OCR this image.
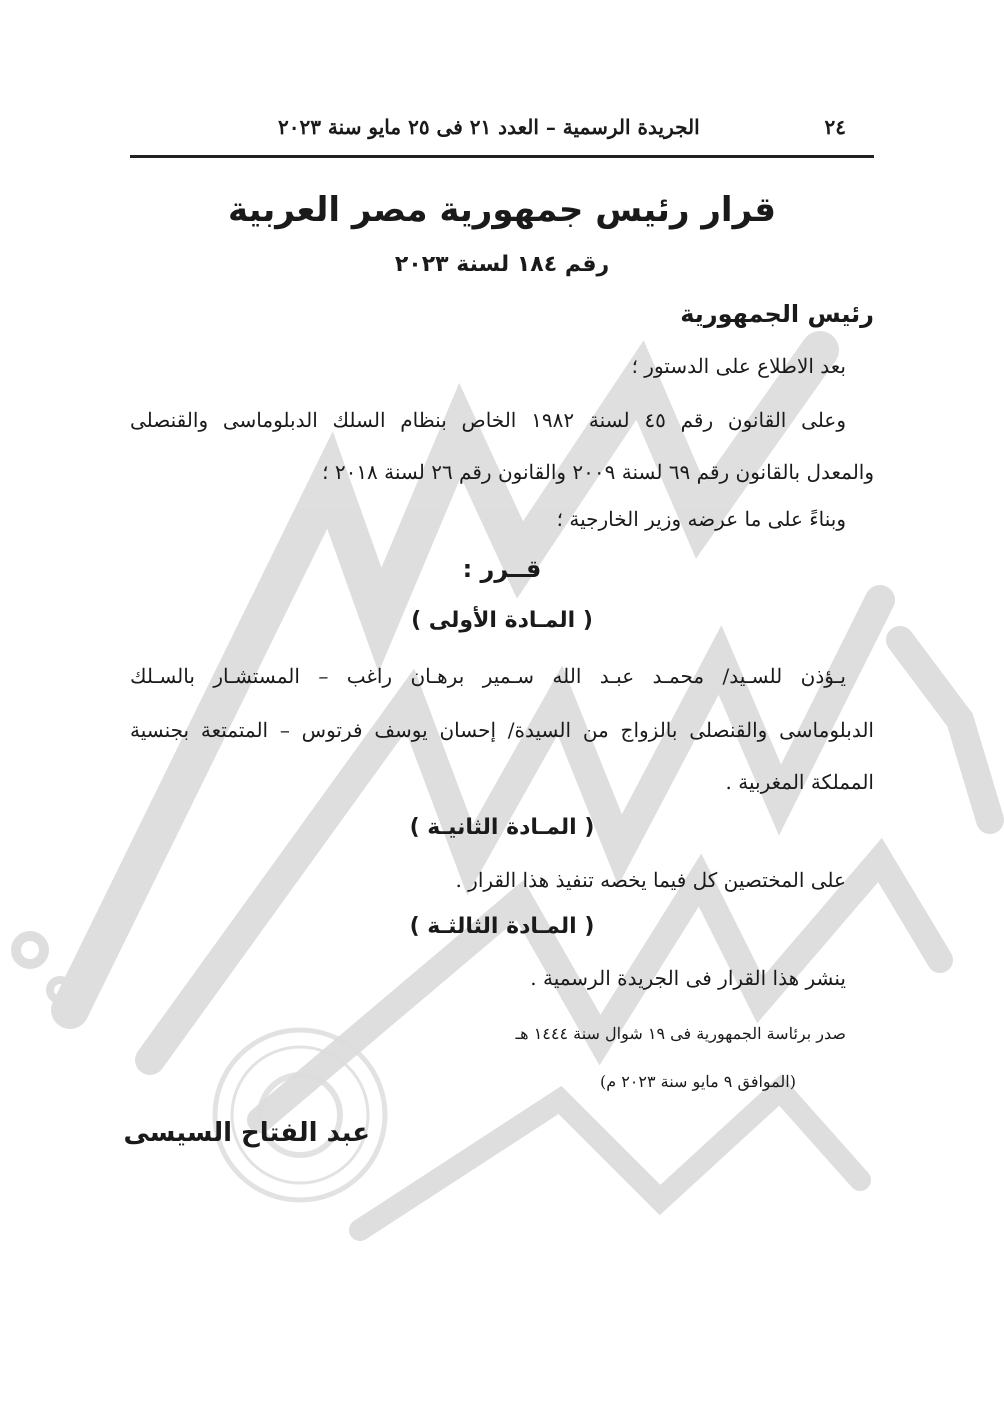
٢٤
الجريدة الرسمية – العدد ٢١ فى ٢٥ مايو سنة ٢٠٢٣
قرار رئيس جمهورية مصر العربية
رقم ١٨٤ لسنة ٢٠٢٣
رئيس الجمهورية
بعد الاطلاع على الدستور ؛
وعلى القانون رقم ٤٥ لسنة ١٩٨٢ الخاص بنظام السلك الدبلوماسى والقنصلى
والمعدل بالقانون رقم ٦٩ لسنة ٢٠٠٩ والقانون رقم ٢٦ لسنة ٢٠١٨ ؛
وبناءً على ما عرضه وزير الخارجية ؛
قــرر :
( المـادة الأولى )
يـؤذن للسـيد/ محمـد عبـد الله سـمير برهـان راغب – المستشـار بالسـلك
الدبلوماسى والقنصلى بالزواج من السيدة/ إحسان يوسف فرتوس – المتمتعة بجنسية
المملكة المغربية .
( المـادة الثانيـة )
على المختصين كل فيما يخصه تنفيذ هذا القرار .
( المـادة الثالثـة )
ينشر هذا القرار فى الجريدة الرسمية .
صدر برئاسة الجمهورية فى ١٩ شوال سنة ١٤٤٤ هـ
(الموافق ٩ مايو سنة ٢٠٢٣ م)
عبد الفتاح السيسى
